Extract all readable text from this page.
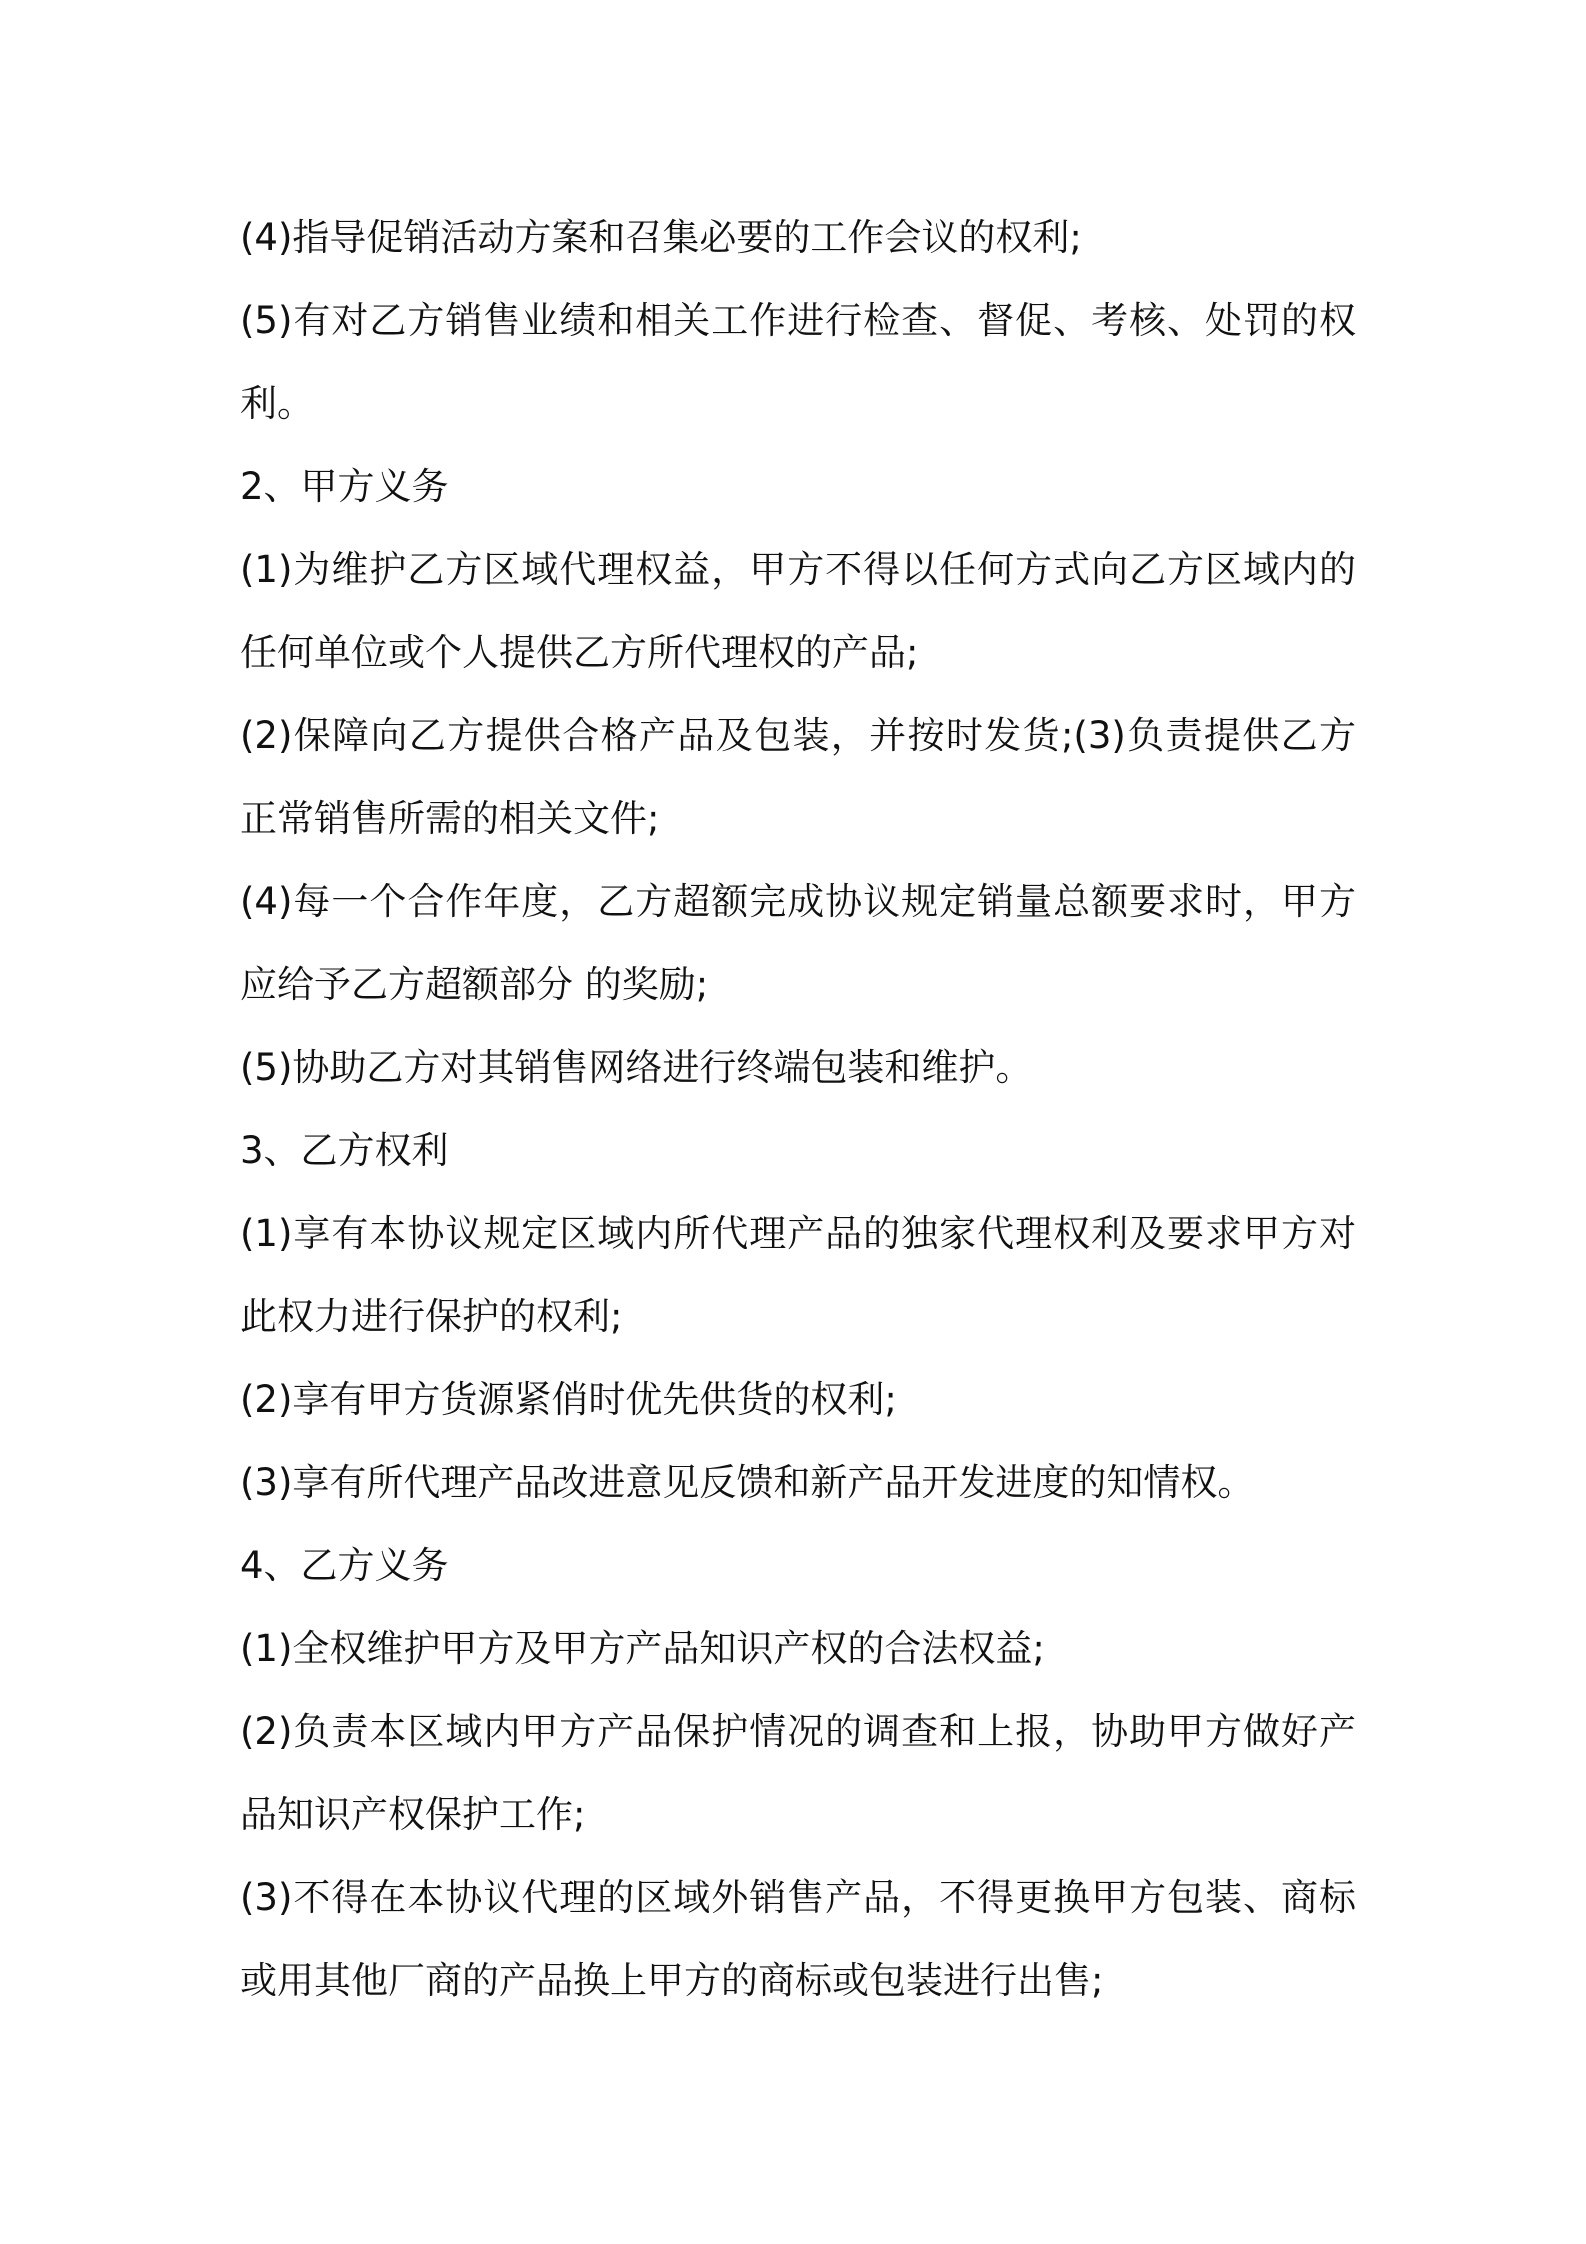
(4)指导促销活动方案和召集必要的工作会议的权利;

(5)有对乙方销售业绩和相关工作进行检查、督促、考核、处罚的权利。

2、甲方义务

(1)为维护乙方区域代理权益，甲方不得以任何方式向乙方区域内的任何单位或个人提供乙方所代理权的产品;

(2)保障向乙方提供合格产品及包装，并按时发货;(3)负责提供乙方正常销售所需的相关文件;

(4)每一个合作年度，乙方超额完成协议规定销量总额要求时，甲方应给予乙方超额部分 的奖励;

(5)协助乙方对其销售网络进行终端包装和维护。

3、乙方权利

(1)享有本协议规定区域内所代理产品的独家代理权利及要求甲方对此权力进行保护的权利;

(2)享有甲方货源紧俏时优先供货的权利;

(3)享有所代理产品改进意见反馈和新产品开发进度的知情权。

4、乙方义务

(1)全权维护甲方及甲方产品知识产权的合法权益;

(2)负责本区域内甲方产品保护情况的调查和上报，协助甲方做好产品知识产权保护工作;

(3)不得在本协议代理的区域外销售产品，不得更换甲方包装、商标或用其他厂商的产品换上甲方的商标或包装进行出售;
